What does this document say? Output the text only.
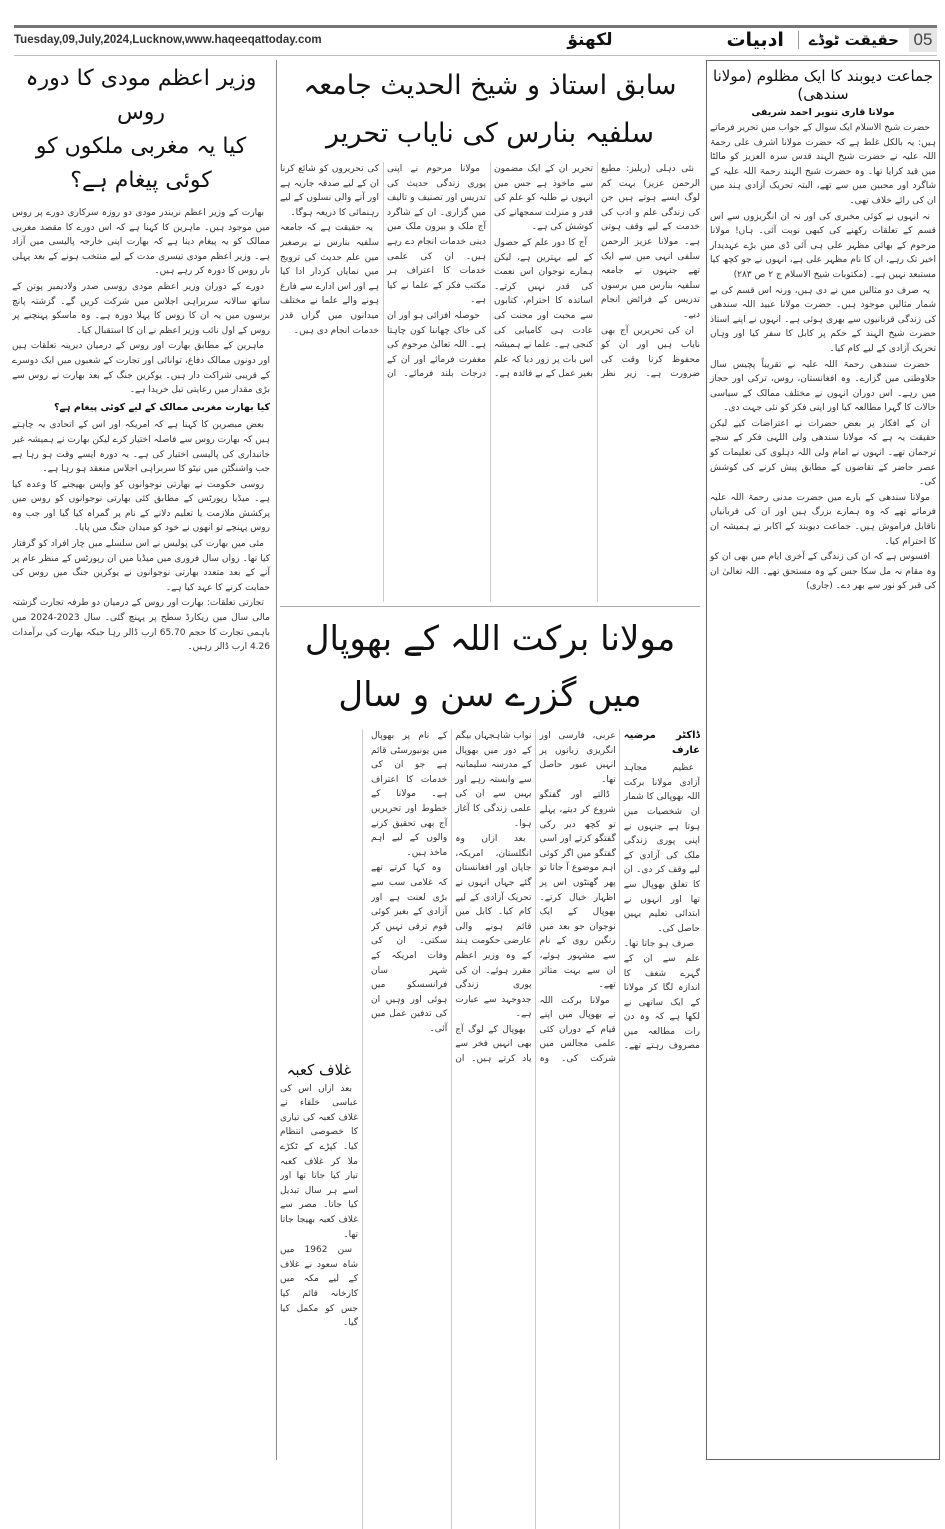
Tuesday,09,July,2024,Lucknow,www.haqeeqattoday.com	05
حقیقت ٹوڈے
ادبیات
لکھنؤ
وزیر اعظم مودی کا دورہ روس
کیا یہ مغربی ملکوں کو کوئی پیغام ہے؟

بھارت کے وزیر اعظم نریندر مودی دو روزہ سرکاری دورے پر روس میں موجود ہیں۔ ماہرین کا کہنا ہے کہ اس دورے کا مقصد مغربی ممالک کو یہ پیغام دینا ہے کہ بھارت اپنی خارجہ پالیسی میں آزاد ہے۔ وزیر اعظم مودی تیسری مدت کے لیے منتخب ہونے کے بعد پہلی بار روس کا دورہ کر رہے ہیں۔

دورے کے دوران وزیر اعظم مودی روسی صدر ولادیمیر پوتن کے ساتھ سالانہ سربراہی اجلاس میں شرکت کریں گے۔ گزشتہ پانچ برسوں میں یہ ان کا روس کا پہلا دورہ ہے۔ وہ ماسکو پہنچنے پر روس کے اول نائب وزیر اعظم نے ان کا استقبال کیا۔

ماہرین کے مطابق بھارت اور روس کے درمیان دیرینہ تعلقات ہیں اور دونوں ممالک دفاع، توانائی اور تجارت کے شعبوں میں ایک دوسرے کے قریبی شراکت دار ہیں۔ یوکرین جنگ کے بعد بھارت نے روس سے بڑی مقدار میں رعایتی تیل خریدا ہے۔

کیا بھارت مغربی ممالک کے لیے کوئی پیغام ہے؟

بعض مبصرین کا کہنا ہے کہ امریکہ اور اس کے اتحادی یہ چاہتے ہیں کہ بھارت روس سے فاصلہ اختیار کرے لیکن بھارت نے ہمیشہ غیر جانبداری کی پالیسی اختیار کی ہے۔ یہ دورہ ایسے وقت ہو رہا ہے جب واشنگٹن میں نیٹو کا سربراہی اجلاس منعقد ہو رہا ہے۔

روسی حکومت نے بھارتی نوجوانوں کو واپس بھیجنے کا وعدہ کیا ہے۔ میڈیا رپورٹس کے مطابق کئی بھارتی نوجوانوں کو روس میں پرکشش ملازمت یا تعلیم دلانے کے نام پر گمراہ کیا گیا اور جب وہ روس پہنچے تو انھوں نے خود کو میدان جنگ میں پایا۔

مئی میں بھارت کی پولیس نے اس سلسلے میں چار افراد کو گرفتار کیا تھا۔ رواں سال فروری میں میڈیا میں ان رپورٹس کے منظر عام پر آنے کے بعد متعدد بھارتی نوجوانوں نے یوکرین جنگ میں روس کی حمایت کرنے کا عہد کیا ہے۔

تجارتی تعلقات: بھارت اور روس کے درمیان دو طرفہ تجارت گزشتہ مالی سال میں ریکارڈ سطح پر پہنچ گئی۔ سال 2023-2024 میں باہمی تجارت کا حجم 65.70 ارب ڈالر رہا جبکہ بھارت کی برآمدات 4.26 ارب ڈالر رہیں۔

سابق استاذ و شیخ الحدیث جامعہ سلفیہ بنارس کی نایاب تحریر

نئی دہلی (ریلیز: مطیع الرحمن عزیز) بہت کم لوگ ایسے ہوتے ہیں جن کی زندگی علم و ادب کی خدمت کے لیے وقف ہوتی ہے۔ مولانا عزیز الرحمن سلفی انہی میں سے ایک تھے جنہوں نے جامعہ سلفیہ بنارس میں برسوں تدریس کے فرائض انجام دیے۔

ان کی تحریریں آج بھی نایاب ہیں اور ان کو محفوظ کرنا وقت کی ضرورت ہے۔ زیر نظر تحریر ان کے ایک مضمون سے ماخوذ ہے جس میں انہوں نے طلبہ کو علم کی قدر و منزلت سمجھانے کی کوشش کی ہے۔

آج کا دور علم کے حصول کے لیے بہترین ہے، لیکن ہمارے نوجوان اس نعمت کی قدر نہیں کرتے۔ اساتذہ کا احترام، کتابوں سے محبت اور محنت کی عادت ہی کامیابی کی کنجی ہے۔ علما نے ہمیشہ اس بات پر زور دیا کہ علم بغیر عمل کے بے فائدہ ہے۔

مولانا مرحوم نے اپنی پوری زندگی حدیث کی تدریس اور تصنیف و تالیف میں گزاری۔ ان کے شاگرد آج ملک و بیرون ملک میں دینی خدمات انجام دے رہے ہیں۔ ان کی علمی خدمات کا اعتراف ہر مکتب فکر کے علما نے کیا ہے۔

حوصلہ افزائی ہو اور ان کی خاک چھاننا کون چاہتا ہے۔ اللہ تعالیٰ مرحوم کی مغفرت فرمائے اور ان کے درجات بلند فرمائے۔ ان کی تحریروں کو شائع کرنا ان کے لیے صدقہ جاریہ ہے اور آنے والی نسلوں کے لیے رہنمائی کا ذریعہ ہوگا۔

یہ حقیقت ہے کہ جامعہ سلفیہ بنارس نے برصغیر میں علم حدیث کی ترویج میں نمایاں کردار ادا کیا ہے اور اس ادارے سے فارغ ہونے والے علما نے مختلف میدانوں میں گراں قدر خدمات انجام دی ہیں۔

مولانا برکت اللہ کے بھوپال میں گزرے سن و سال
ڈاکٹر مرضیہ عارف

عظیم مجاہد آزادی مولانا برکت اللہ بھوپالی کا شمار ان شخصیات میں ہوتا ہے جنہوں نے اپنی پوری زندگی ملک کی آزادی کے لیے وقف کر دی۔ ان کا تعلق بھوپال سے تھا اور انہوں نے ابتدائی تعلیم یہیں حاصل کی۔

صرف ہو جاتا تھا۔ علم سے ان کے گہرے شغف کا اندازہ لگا کر مولانا کے ایک ساتھی نے لکھا ہے کہ وہ دن رات مطالعہ میں مصروف رہتے تھے۔ عربی، فارسی اور انگریزی زبانوں پر انہیں عبور حاصل تھا۔

ڈالتے اور گفتگو شروع کر دیتے، پہلے تو کچھ دیر رکی گفتگو کرتے اور اسی گفتگو میں اگر کوئی اہم موضوع آ جاتا تو پھر گھنٹوں اس پر اظہار خیال کرتے۔ بھوپال کے ایک نوجوان جو بعد میں رنگین روی کے نام سے مشہور ہوئے، ان سے بہت متاثر تھے۔

مولانا برکت اللہ نے بھوپال میں اپنے قیام کے دوران کئی علمی مجالس میں شرکت کی۔ وہ نواب شاہجہاں بیگم کے دور میں بھوپال کے مدرسہ سلیمانیہ سے وابستہ رہے اور یہیں سے ان کی علمی زندگی کا آغاز ہوا۔

بعد ازاں وہ انگلستان، امریکہ، جاپان اور افغانستان گئے جہاں انہوں نے تحریک آزادی کے لیے کام کیا۔ کابل میں قائم ہونے والی عارضی حکومت ہند کے وہ وزیر اعظم مقرر ہوئے۔ ان کی پوری زندگی جدوجہد سے عبارت ہے۔

بھوپال کے لوگ آج بھی انہیں فخر سے یاد کرتے ہیں۔ ان کے نام پر بھوپال میں یونیورسٹی قائم ہے جو ان کی خدمات کا اعتراف ہے۔ مولانا کے خطوط اور تحریریں آج بھی تحقیق کرنے والوں کے لیے اہم ماخذ ہیں۔

وہ کہا کرتے تھے کہ غلامی سب سے بڑی لعنت ہے اور آزادی کے بغیر کوئی قوم ترقی نہیں کر سکتی۔ ان کی وفات امریکہ کے شہر سان فرانسسکو میں ہوئی اور وہیں ان کی تدفین عمل میں آئی۔

غلاف کعبہ

بعد ازاں اس کی عباسی خلفاء نے غلاف کعبہ کی تیاری کا خصوصی انتظام کیا۔ کپڑے کے ٹکڑے ملا کر غلاف کعبہ تیار کیا جاتا تھا اور اسے ہر سال تبدیل کیا جاتا۔ مصر سے غلاف کعبہ بھیجا جاتا تھا۔

سن 1962 میں شاہ سعود نے غلاف کے لیے مکہ میں کارخانہ قائم کیا جس کو مکمل کیا گیا۔

جماعت دیوبند کا ایک مظلوم (مولانا سندھی)
مولانا قاری تنویر احمد شریفی

حضرت شیخ الاسلام ایک سوال کے جواب میں تحریر فرماتے ہیں: یہ بالکل غلط ہے کہ حضرت مولانا اشرف علی رحمۃ اللہ علیہ نے حضرت شیخ الہند قدس سرہ العزیز کو مالٹا میں قید کرایا تھا۔ وہ حضرت شیخ الہند رحمۃ اللہ علیہ کے شاگرد اور محبین میں سے تھے، البتہ تحریک آزادی ہند میں ان کی رائے خلاف تھی۔

نہ انہوں نے کوئی مخبری کی اور نہ ان انگریزوں سے اس قسم کے تعلقات رکھنے کی کبھی نوبت آئی۔ ہاں! مولانا مرحوم کے بھائی مظہر علی ہی آئی ڈی میں بڑے عہدیدار اخیر تک رہے، ان کا نام مظہر علی ہے، انہوں نے جو کچھ کیا مستبعد نہیں ہے۔ (مکتوبات شیخ الاسلام ج ۲ ص ۲۸۳)

یہ صرف دو مثالیں میں نے دی ہیں، ورنہ اس قسم کی بے شمار مثالیں موجود ہیں۔ حضرت مولانا عبید اللہ سندھی کی زندگی قربانیوں سے بھری ہوئی ہے۔ انہوں نے اپنے استاذ حضرت شیخ الہند کے حکم پر کابل کا سفر کیا اور وہاں تحریک آزادی کے لیے کام کیا۔

حضرت سندھی رحمۃ اللہ علیہ نے تقریباً پچیس سال جلاوطنی میں گزارے۔ وہ افغانستان، روس، ترکی اور حجاز میں رہے۔ اس دوران انہوں نے مختلف ممالک کے سیاسی حالات کا گہرا مطالعہ کیا اور اپنی فکر کو نئی جہت دی۔

ان کے افکار پر بعض حضرات نے اعتراضات کیے لیکن حقیقت یہ ہے کہ مولانا سندھی ولی اللہی فکر کے سچے ترجمان تھے۔ انہوں نے امام ولی اللہ دہلوی کی تعلیمات کو عصر حاضر کے تقاضوں کے مطابق پیش کرنے کی کوشش کی۔

مولانا سندھی کے بارے میں حضرت مدنی رحمۃ اللہ علیہ فرماتے تھے کہ وہ ہمارے بزرگ ہیں اور ان کی قربانیاں ناقابل فراموش ہیں۔ جماعت دیوبند کے اکابر نے ہمیشہ ان کا احترام کیا۔

افسوس ہے کہ ان کی زندگی کے آخری ایام میں بھی ان کو وہ مقام نہ مل سکا جس کے وہ مستحق تھے۔ اللہ تعالیٰ ان کی قبر کو نور سے بھر دے۔ (جاری)
